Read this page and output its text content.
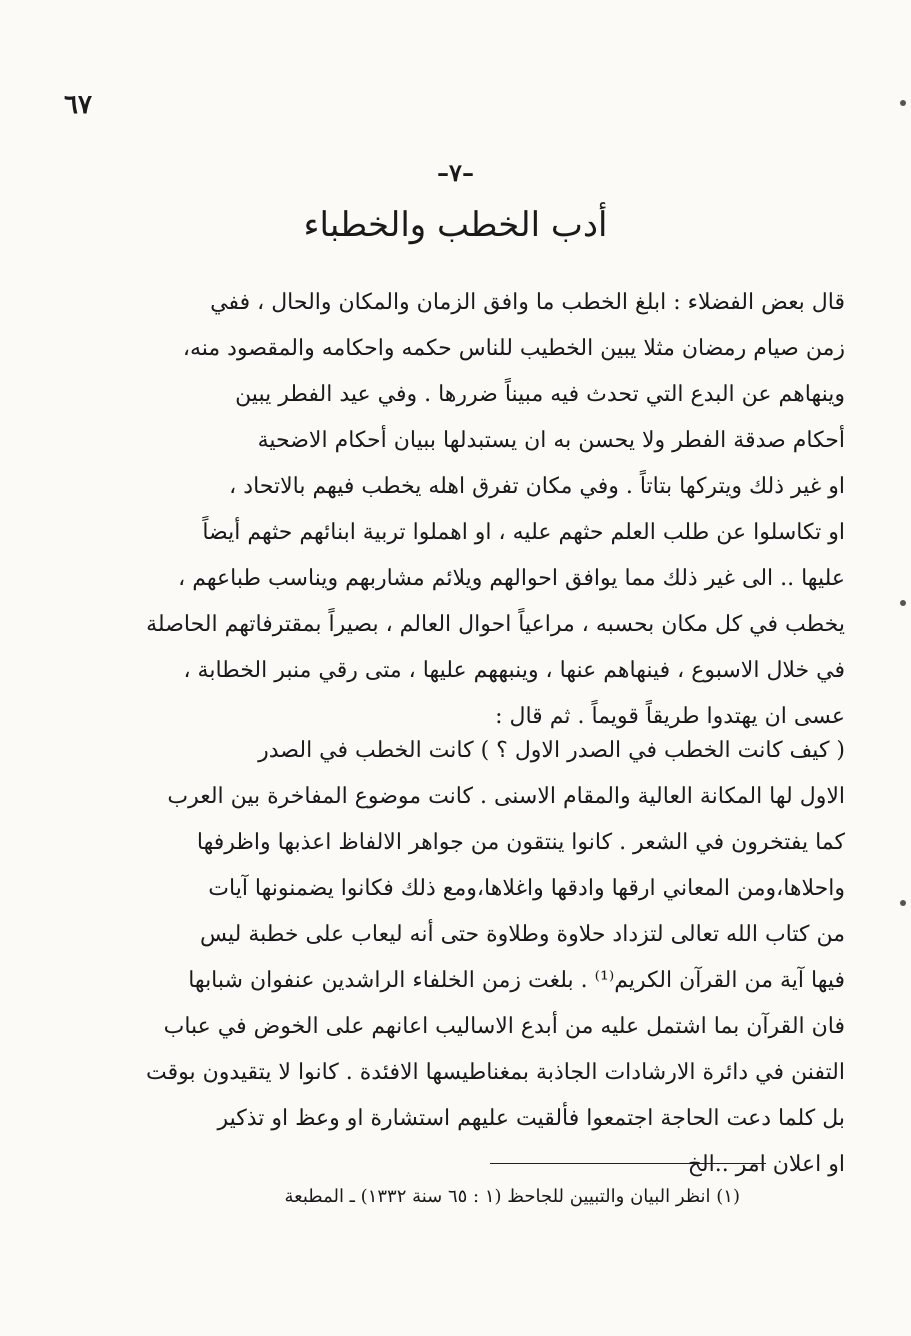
٦٧
–٧–
أدب الخطب والخطباء

قال بعض الفضلاء : ابلغ الخطب ما وافق الزمان والمكان والحال ، ففي
زمن صيام رمضان مثلا يبين الخطيب للناس حكمه واحكامه والمقصود منه،
وينهاهم عن البدع التي تحدث فيه مبيناً ضررها . وفي عيد الفطر يبين
أحكام صدقة الفطر ولا يحسن به ان يستبدلها ببيان أحكام الاضحية
او غير ذلك ويتركها بتاتاً . وفي مكان تفرق اهله يخطب فيهم بالاتحاد ،
او تكاسلوا عن طلب العلم حثهم عليه ، او اهملوا تربية ابنائهم حثهم أيضاً
عليها .. الى غير ذلك مما يوافق احوالهم ويلائم مشاربهم ويناسب طباعهم ،
يخطب في كل مكان بحسبه ، مراعياً احوال العالم ، بصيراً بمقترفاتهم الحاصلة
في خلال الاسبوع ، فينهاهم عنها ، وينبههم عليها ، متى رقي منبر الخطابة ،
عسى ان يهتدوا طريقاً قويماً . ثم قال :

( كيف كانت الخطب في الصدر الاول ؟ ) كانت الخطب في الصدر
الاول لها المكانة العالية والمقام الاسنى . كانت موضوع المفاخرة بين العرب
كما يفتخرون في الشعر . كانوا ينتقون من جواهر الالفاظ اعذبها واظرفها
واحلاها،ومن المعاني ارقها وادقها واغلاها،ومع ذلك فكانوا يضمنونها آيات
من كتاب الله تعالى لتزداد حلاوة وطلاوة حتى أنه ليعاب على خطبة ليس
فيها آية من القرآن الكريم⁽¹⁾ . بلغت زمن الخلفاء الراشدين عنفوان شبابها
فان القرآن بما اشتمل عليه من أبدع الاساليب اعانهم على الخوض في عباب
التفنن في دائرة الارشادات الجاذبة بمغناطيسها الافئدة . كانوا لا يتقيدون بوقت
بل كلما دعت الحاجة اجتمعوا فألقيت عليهم استشارة او وعظ او تذكير
او اعلان امر ..الخ

(١) انظر البيان والتبيين للجاحظ (١ : ٦٥ سنة ١٣٣٢) ـ المطبعة
